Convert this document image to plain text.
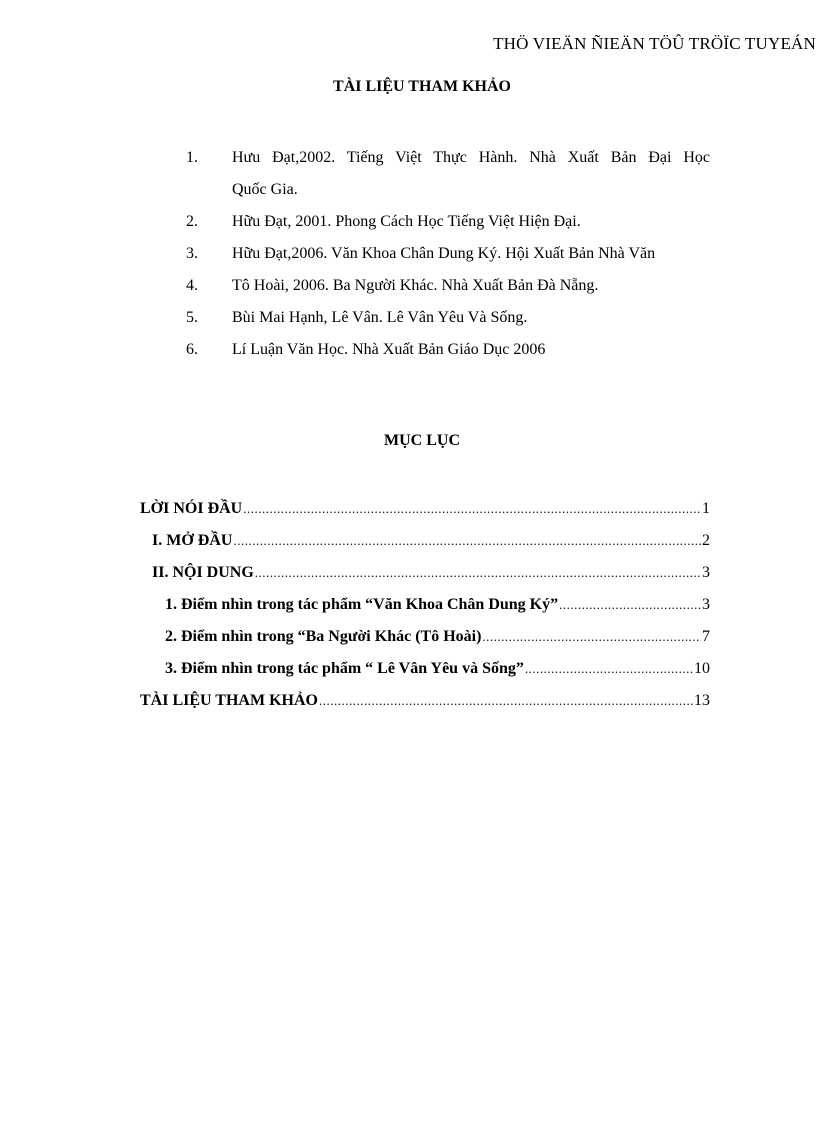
THÖ VIEÄN ÑIEÄN TÖÛ TRÖÏC TUYEÁN
TÀI LIỆU THAM KHẢO
1.	Hưu Đạt,2002. Tiếng Việt Thực Hành. Nhà Xuất Bản Đại Học
Quốc Gia.
2.	Hữu Đạt, 2001. Phong Cách Học Tiếng Việt Hiện Đại.
3.	Hữu Đạt,2006. Văn Khoa Chân Dung Ký. Hội Xuất Bản Nhà Văn
4.	Tô Hoài, 2006. Ba Người Khác. Nhà Xuất Bản Đà Nẵng.
5.	Bùi Mai Hạnh, Lê Vân. Lê Vân Yêu Và Sống.
6.	Lí Luận Văn Học. Nhà Xuất Bản Giáo Dục 2006
MỤC LỤC
LỜI NÓI ĐẦU .....	1
I. MỞ ĐẦU .....	2
II. NỘI DUNG .....	3
1. Điểm nhìn trong tác phẩm “Văn Khoa Chân Dung Ký” .....	3
2. Điểm nhìn trong “Ba Người Khác (Tô Hoài) .....	7
3. Điểm nhìn trong tác phẩm “ Lê Vân Yêu và Sống” .....	10
TÀI LIỆU THAM KHẢO .....	13
